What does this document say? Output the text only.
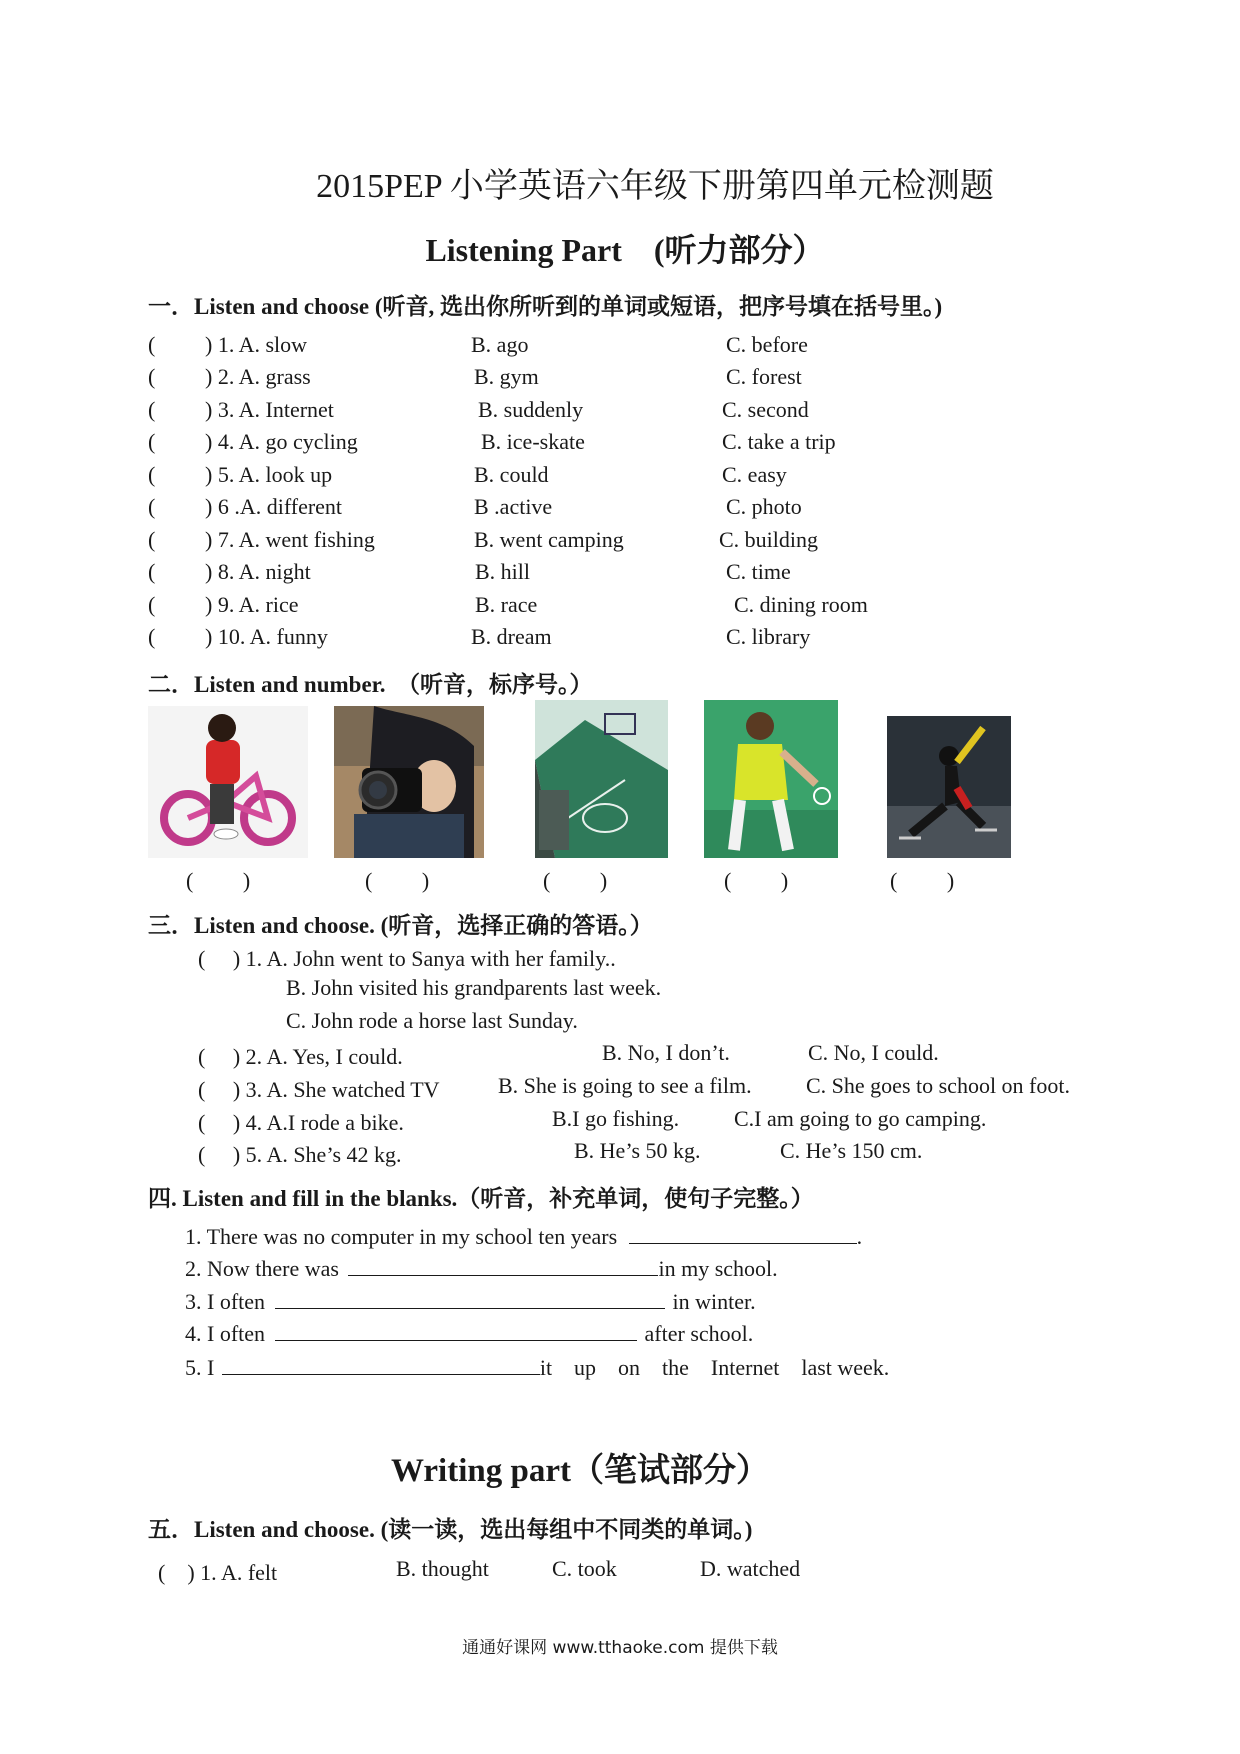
2015PEP 小学英语六年级下册第四单元检测题
Listening Part　(听力部分）
一．Listen and choose (听音, 选出你所听到的单词或短语，把序号填在括号里。)
( ) 1. A. slow	B. ago	C. before
( ) 2. A. grass	B. gym	C. forest
( ) 3. A. Internet	B. suddenly	C. second
( ) 4. A. go cycling	B. ice-skate	C. take a trip
( ) 5. A. look up	B. could	C. easy
( ) 6 .A. different	B .active	C. photo
( ) 7. A. went fishing	B. went camping	C. building
( ) 8. A. night	B. hill	C. time
( ) 9. A. rice	B. race	C. dining room
( ) 10. A. funny	B. dream	C. library
二．Listen and number.　（听音，标序号。）
(         )	(         )	(         )	(         )	(         )
三．Listen and choose. (听音，选择正确的答语。）
(　 ) 1. A. John went to Sanya with her family..
B. John visited his grandparents last week.
C. John rode a horse last Sunday.
(　 ) 2. A. Yes, I could.	B. No, I don’t.	C. No, I could.
(　 ) 3. A. She watched TV	B. She is going to see a film. C. She goes to school on foot.
(　 ) 4. A.I rode a bike.	B.I go fishing. C.I am going to go camping.
(　 ) 5. A. She’s 42 kg.	B. He’s 50 kg.	C. He’s 150 cm.
四. Listen and fill in the blanks.（听音，补充单词，使句子完整。）
1. There was no computer in my school ten years	.
2. Now there was	in my school.
3. I often	in winter.
4. I often	after school.
5. I	it　up　on　the　Internet　last week.
Writing part（笔试部分）
五．Listen and choose. (读一读，选出每组中不同类的单词。)
(　) 1. A. felt	B. thought	C. took	D. watched
通通好课网 www.tthaoke.com 提供下载
